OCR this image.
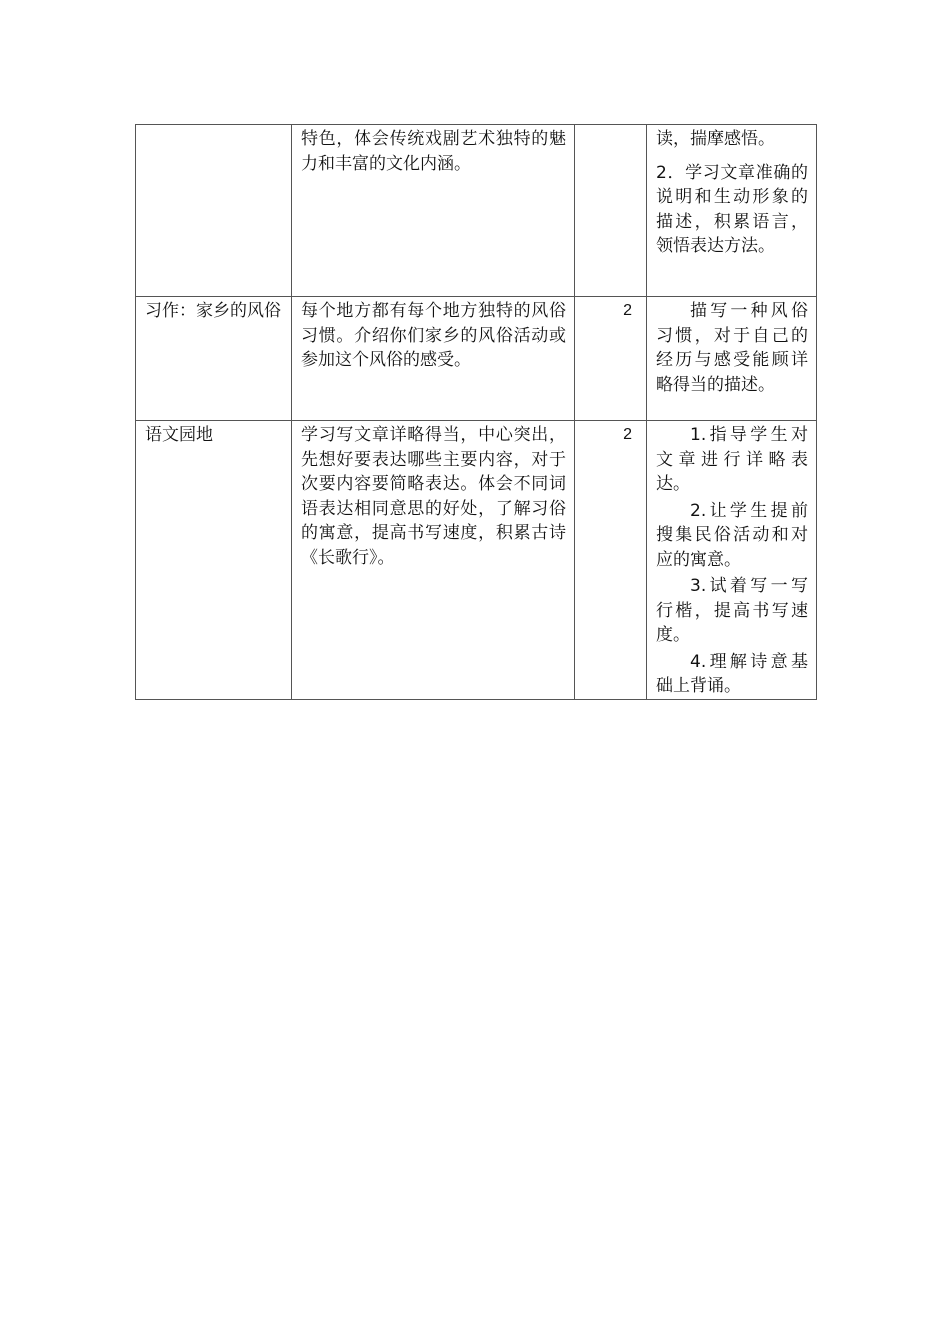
	特色，体会传统戏剧艺术独特的魅力和丰富的文化内涵。		读，揣摩感悟。

2．学习文章准确的说明和生动形象的描述，积累语言，领悟表达方法。

习作：家乡的风俗	每个地方都有每个地方独特的风俗习惯。介绍你们家乡的风俗活动或参加这个风俗的感受。	2	描写一种风俗习惯，对于自己的经历与感受能顾详略得当的描述。

语文园地	学习写文章详略得当，中心突出，先想好要表达哪些主要内容，对于次要内容要简略表达。体会不同词语表达相同意思的好处，了解习俗的寓意，提高书写速度，积累古诗《长歌行》。	2	1.指导学生对文章进行详略表达。

2.让学生提前搜集民俗活动和对应的寓意。

3.试着写一写行楷，提高书写速度。

4.理解诗意基础上背诵。
